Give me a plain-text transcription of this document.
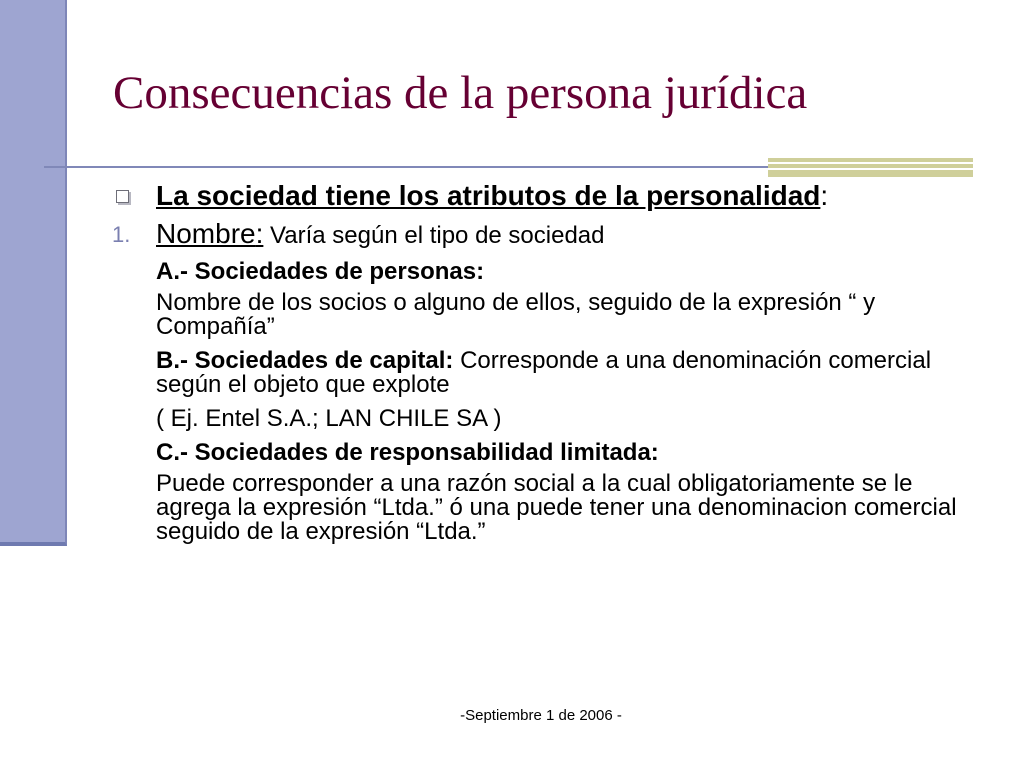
Consecuencias de la persona jurídica
La sociedad tiene los atributos de la personalidad:
1. Nombre: Varía según el tipo de sociedad
A.- Sociedades de personas:
Nombre de los socios o alguno de ellos, seguido de la expresión “ y Compañía”
B.- Sociedades de capital: Corresponde a una denominación comercial según el objeto que explote
( Ej. Entel S.A.; LAN CHILE SA )
C.- Sociedades de responsabilidad limitada:
Puede corresponder a una razón social a la cual obligatoriamente se le agrega la expresión “Ltda.” ó una puede tener una denominacion comercial seguido de la expresión “Ltda.”
-Septiembre 1 de 2006 -
